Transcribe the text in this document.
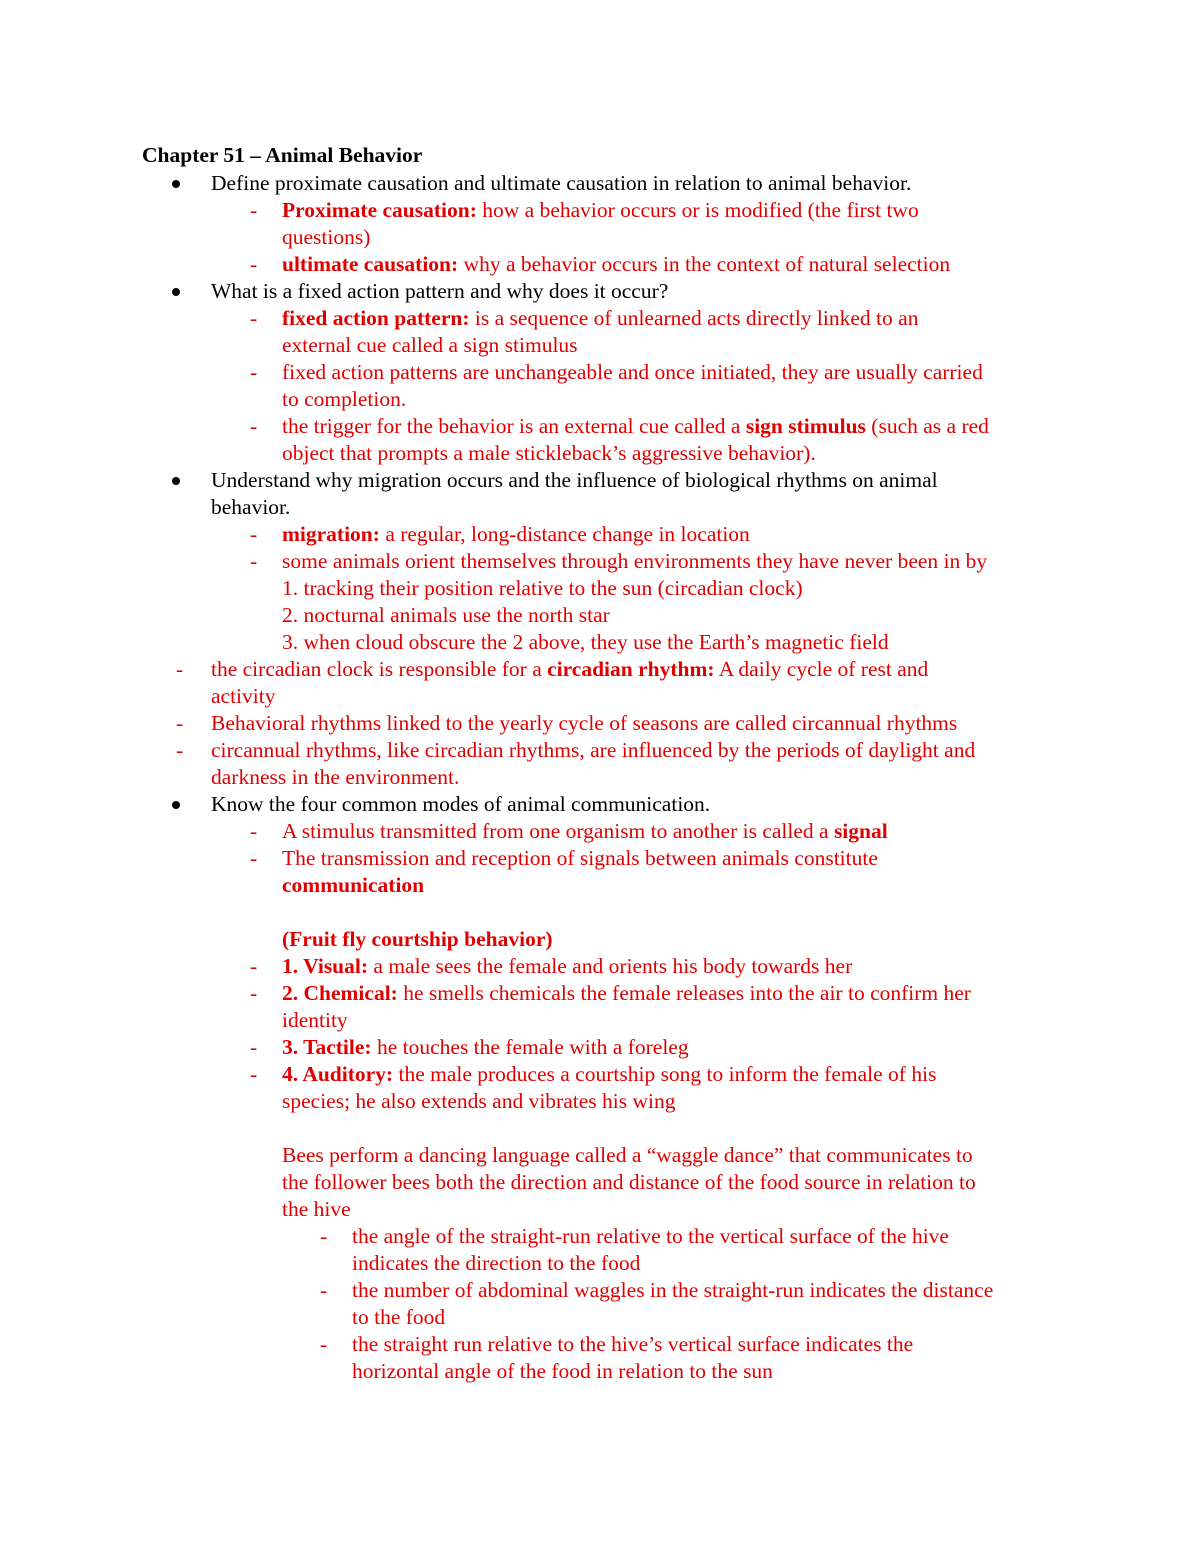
Chapter 51 – Animal Behavior
Define proximate causation and ultimate causation in relation to animal behavior.
- Proximate causation: how a behavior occurs or is modified (the first two
questions)
- ultimate causation: why a behavior occurs in the context of natural selection
What is a fixed action pattern and why does it occur?
- fixed action pattern: is a sequence of unlearned acts directly linked to an
external cue called a sign stimulus
- fixed action patterns are unchangeable and once initiated, they are usually carried
to completion.
- the trigger for the behavior is an external cue called a sign stimulus (such as a red
object that prompts a male stickleback’s aggressive behavior).
Understand why migration occurs and the influence of biological rhythms on animal
behavior.
- migration: a regular, long-distance change in location
- some animals orient themselves through environments they have never been in by
1. tracking their position relative to the sun (circadian clock)
2. nocturnal animals use the north star
3. when cloud obscure the 2 above, they use the Earth’s magnetic field
- the circadian clock is responsible for a circadian rhythm: A daily cycle of rest and
activity
- Behavioral rhythms linked to the yearly cycle of seasons are called circannual rhythms
- circannual rhythms, like circadian rhythms, are influenced by the periods of daylight and
darkness in the environment.
Know the four common modes of animal communication.
- A stimulus transmitted from one organism to another is called a signal
- The transmission and reception of signals between animals constitute
communication
(Fruit fly courtship behavior)
- 1. Visual: a male sees the female and orients his body towards her
- 2. Chemical: he smells chemicals the female releases into the air to confirm her
identity
- 3. Tactile: he touches the female with a foreleg
- 4. Auditory: the male produces a courtship song to inform the female of his
species; he also extends and vibrates his wing
Bees perform a dancing language called a “waggle dance” that communicates to
the follower bees both the direction and distance of the food source in relation to
the hive
- the angle of the straight-run relative to the vertical surface of the hive
indicates the direction to the food
- the number of abdominal waggles in the straight-run indicates the distance
to the food
- the straight run relative to the hive’s vertical surface indicates the
horizontal angle of the food in relation to the sun
